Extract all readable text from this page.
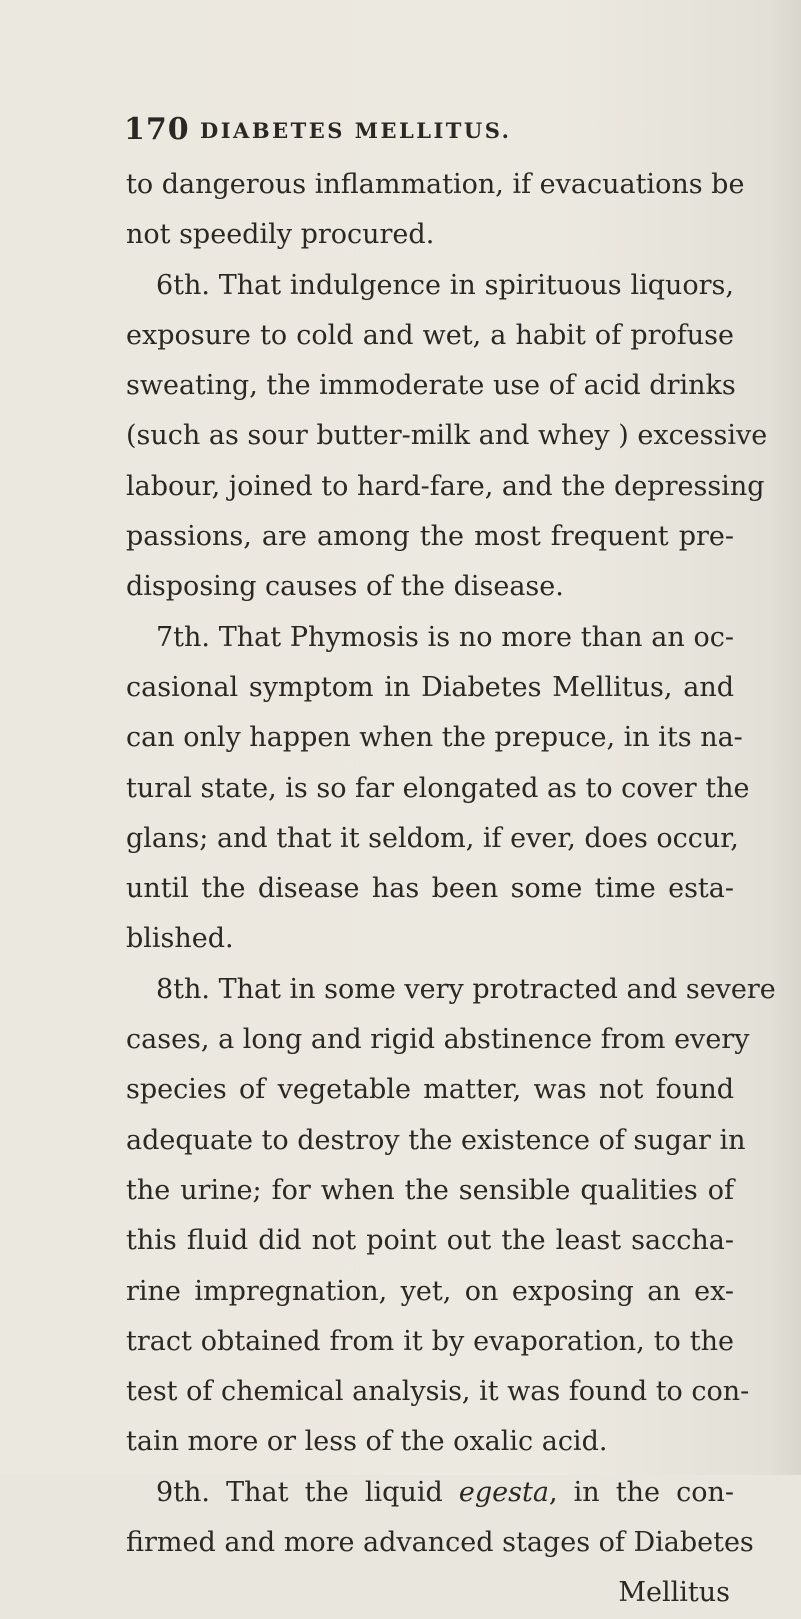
170 DIABETES MELLITUS.
to dangerous inflammation, if evacuations be
not speedily procured.
6th. That indulgence in spirituous liquors,
exposure to cold and wet, a habit of profuse
sweating, the immoderate use of acid drinks
(such as sour butter-milk and whey ) excessive
labour, joined to hard-fare, and the depressing
passions, are among the most frequent pre-
disposing causes of the disease.
7th. That Phymosis is no more than an oc-
casional symptom in Diabetes Mellitus, and
can only happen when the prepuce, in its na-
tural state, is so far elongated as to cover the
glans; and that it seldom, if ever, does occur,
until the disease has been some time esta-
blished.
8th. That in some very protracted and severe
cases, a long and rigid abstinence from every
species of vegetable matter, was not found
adequate to destroy the existence of sugar in
the urine; for when the sensible qualities of
this fluid did not point out the least saccha-
rine impregnation, yet, on exposing an ex-
tract obtained from it by evaporation, to the
test of chemical analysis, it was found to con-
tain more or less of the oxalic acid.
9th. That the liquid egesta, in the con-
firmed and more advanced stages of Diabetes
Mellitus
